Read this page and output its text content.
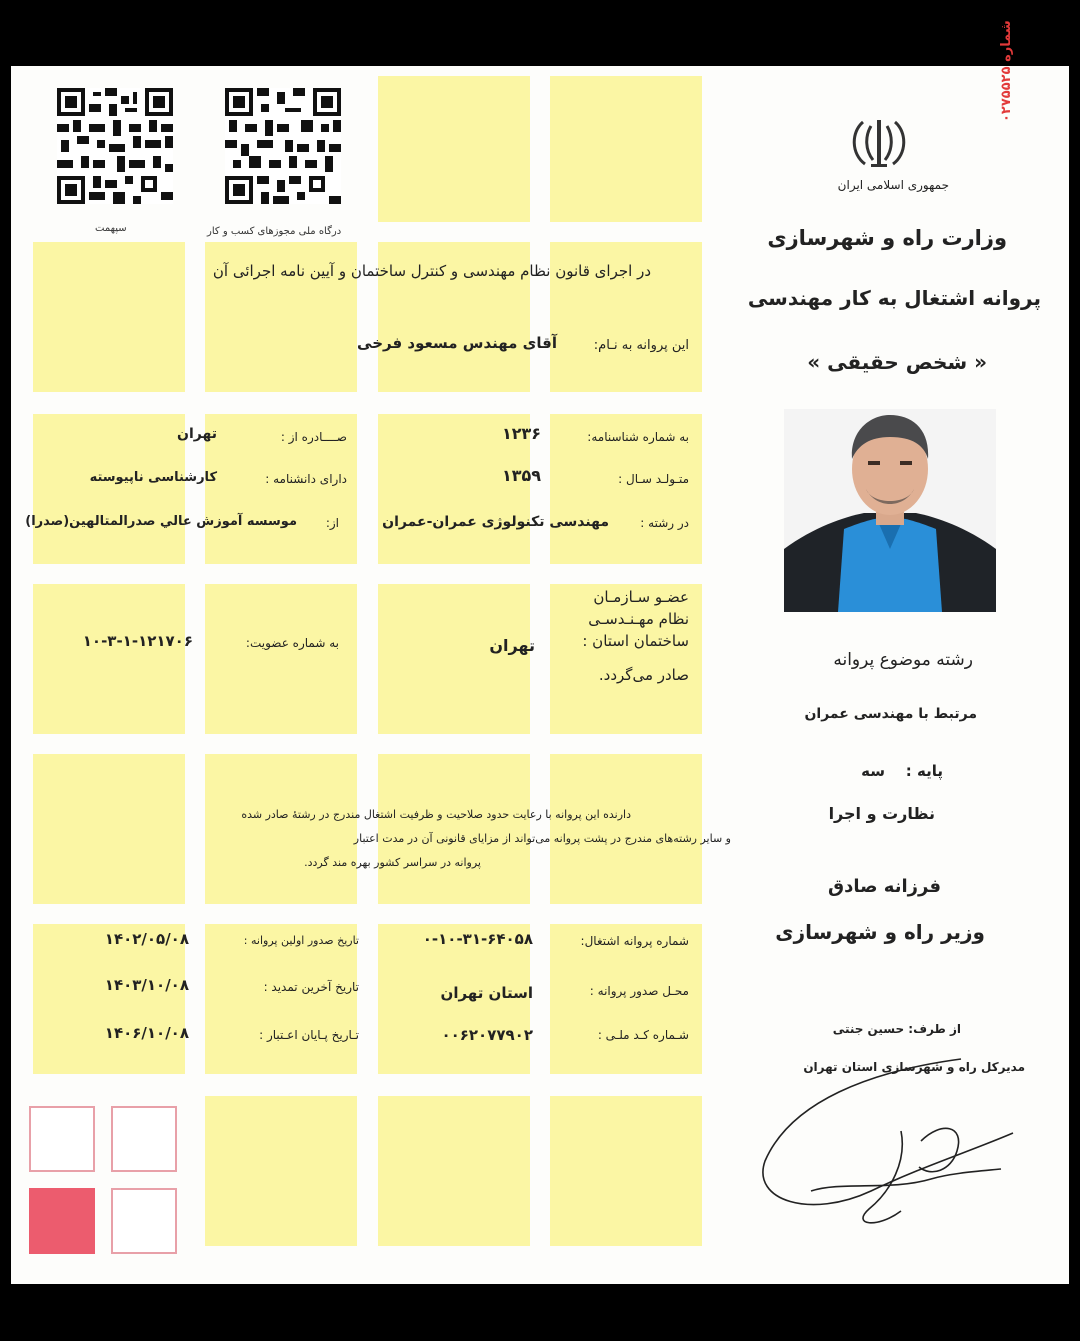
سپهمت	درگاه ملی مجوزهای کسب و کار
جمهوری اسلامی ایران
شماره ۰۲۷۵۵۲۵
وزارت راه و شهرسازی
پروانه اشتغال به کار مهندسی
« شخص حقیقی »
در اجرای قانون نظام مهندسی و کنترل ساختمان و آیین نامه اجرائی آن
این پروانه به نـام:
آقای مهندس مسعود فرخی
به شماره شناسنامه:
۱۲۳۶
صــــادره از :
تهران
متـولـد سـال :
۱۳۵۹
دارای دانشنامه :
کارشناسی ناپیوسته
در رشته :
مهندسی تکنولوژی عمران-عمران
از:
موسسه آموزش عالي صدرالمتالهين(صدرا)
عضـو سـازمـان
نظام مهـنـدسـی
ساختمان استان :
تهران
به شماره عضویت:
۱۰-۳-۱-۱۲۱۷۰۶
صادر می‌گردد.
دارنده این پروانه با رعایت حدود صلاحیت و ظرفیت اشتغال مندرج در رشتهٔ صادر شده
و سایر رشته‌های مندرج در پشت پروانه می‌تواند از مزایای قانونی آن در مدت اعتبار
پروانه در سراسر کشور بهره مند گردد.
شماره پروانه اشتغال:
۰-۱۰-۳۱-۶۴۰۵۸
تاریخ صدور اولین پروانه :
۱۴۰۲/۰۵/۰۸
محـل صدور پروانه :
استان تهران
تاریخ آخرین تمدید :
۱۴۰۳/۱۰/۰۸
شـماره کـد ملـی :
۰۰۶۲۰۷۷۹۰۲
تـاریخ پـایان اعـتبار :
۱۴۰۶/۱۰/۰۸
رشته موضوع پروانه
مرتبط با مهندسی عمران
پایه :
سه
نظارت و اجرا
فرزانه صادق
وزیر راه و شهرسازی
از طرف: حسین جنتی
مدیرکل راه و شهرسازی استان تهران
